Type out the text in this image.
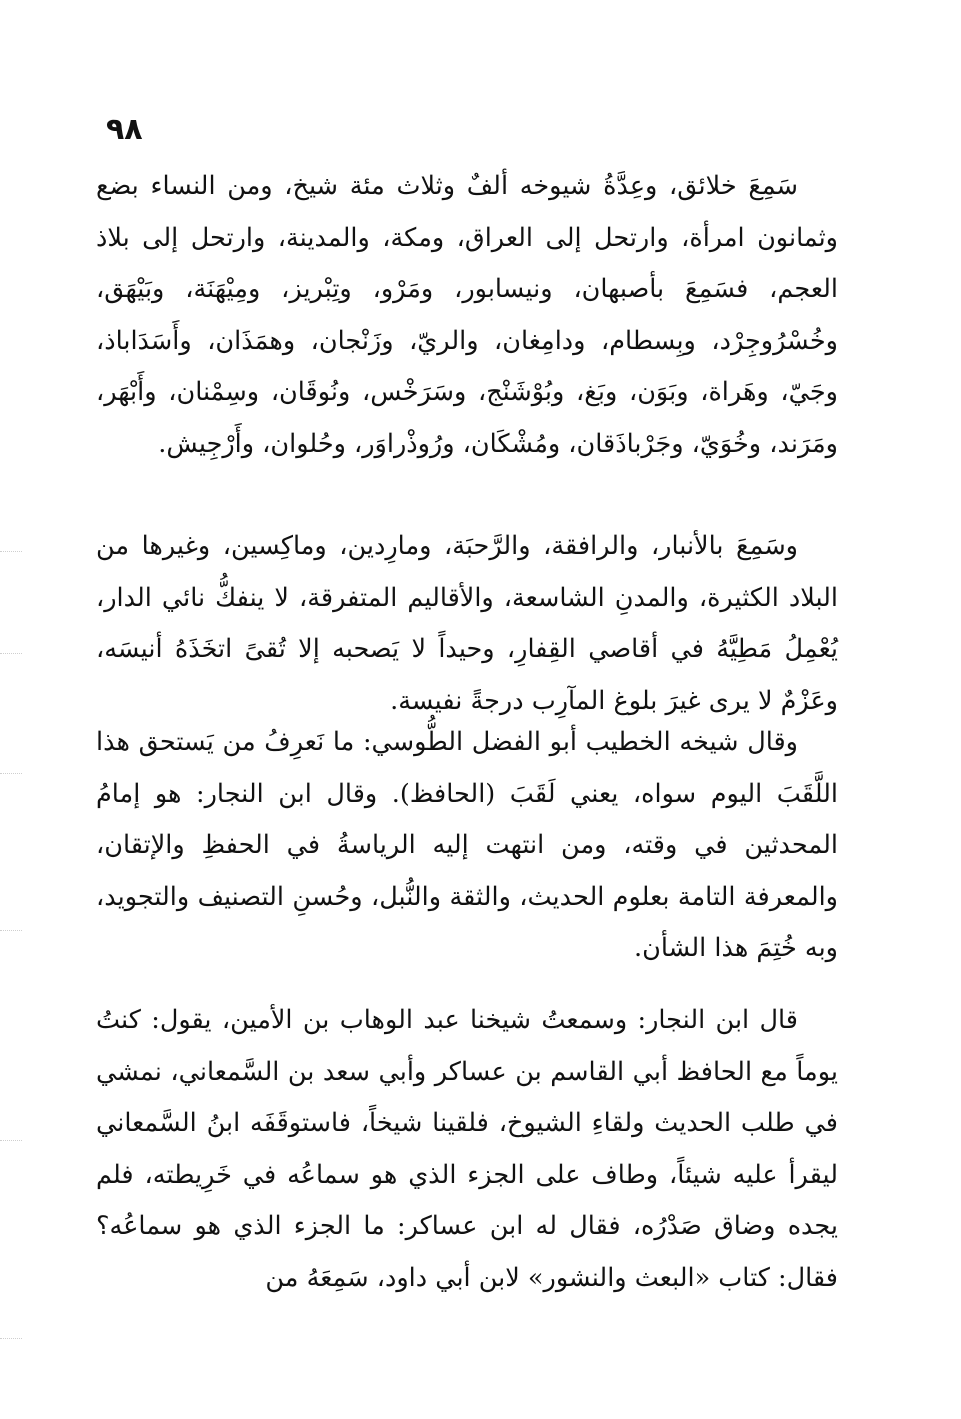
٩٨

سَمِعَ خلائق، وعِدَّةُ شيوخه ألفٌ وثلاث مئة شيخ، ومن النساء بضع وثمانون امرأة، وارتحل إلى العراق، ومكة، والمدينة، وارتحل إلى بلاذ العجم، فسَمِعَ بأصبهان، ونيسابور، ومَرْو، وتِبْريز، ومِيْهَنَة، وبَيْهَق، وخُسْرُوجِرْد، وبِسطام، ودامِغان، والريّ، وزَنْجان، وهمَذَان، وأَسَدَاباذ، وجَيّ، وهَراة، وبَوَن، وبَغ، وبُوْشَنْج، وسَرَخْس، ونُوقَان، وسِمْنان، وأَبْهَر، ومَرَند، وخُوَيّ، وجَرْباذَقان، ومُشْكَان، ورُوذْراوَر، وحُلوان، وأَرْجِيش.

وسَمِعَ بالأنبار، والرافقة، والرَّحبَة، ومارِدين، وماكِسين، وغيرها من البلاد الكثيرة، والمدنِ الشاسعة، والأقاليم المتفرقة، لا ينفكُّ نائي الدار، يُعْمِلُ مَطِيَّهُ في أقاصي القِفارِ، وحيداً لا يَصحبه إلا تُقىً اتخَذَهُ أنيسَه، وعَزْمٌ لا يرى غيرَ بلوغ المآرِب درجةً نفيسة.

وقال شيخه الخطيب أبو الفضل الطُّوسي: ما نَعرِفُ من يَستحق هذا اللَّقَبَ اليوم سواه، يعني لَقَبَ (الحافظ). وقال ابن النجار: هو إمامُ المحدثين في وقته، ومن انتهت إليه الرياسةُ في الحفظِ والإتقان، والمعرفة التامة بعلوم الحديث، والثقة والنُّبل، وحُسنِ التصنيف والتجويد، وبه خُتِمَ هذا الشأن.

قال ابن النجار: وسمعتُ شيخنا عبد الوهاب بن الأمين، يقول: كنتُ يوماً مع الحافظ أبي القاسم بن عساكر وأبي سعد بن السَّمعاني، نمشي في طلب الحديث ولقاءِ الشيوخ، فلقينا شيخاً، فاستوقَفَه ابنُ السَّمعاني ليقرأ عليه شيئاً، وطاف على الجزء الذي هو سماعُه في خَرِيطته، فلم يجده وضاق صَدْرُه، فقال له ابن عساكر: ما الجزء الذي هو سماعُه؟ فقال: كتاب «البعث والنشور» لابن أبي داود، سَمِعَهُ من
